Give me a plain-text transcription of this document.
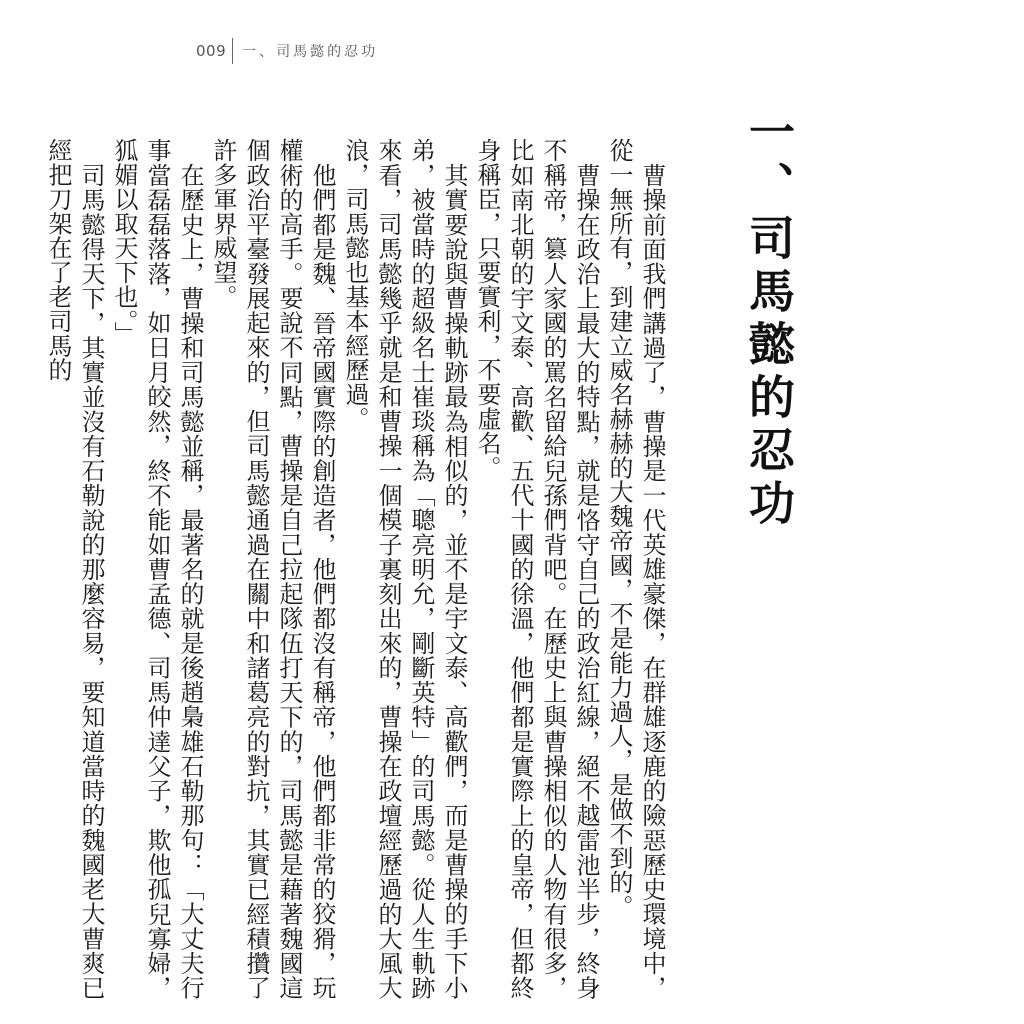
009 一、司馬懿的忍功
一、司馬懿的忍功

曹操前面我們講過了，曹操是一代英雄豪傑，在群雄逐鹿的險惡歷史環境中，從一無所有，到建立威名赫赫的大魏帝國，不是能力過人，是做不到的。

曹操在政治上最大的特點，就是恪守自己的政治紅線，絕不越雷池半步，終身不稱帝，篡人家國的罵名留給兒孫們背吧。在歷史上與曹操相似的人物有很多，比如南北朝的宇文泰、高歡、五代十國的徐溫，他們都是實際上的皇帝，但都終身稱臣，只要實利，不要虛名。

其實要說與曹操軌跡最為相似的，並不是宇文泰、高歡們，而是曹操的手下小弟，被當時的超級名士崔琰稱為「聰亮明允，剛斷英特」的司馬懿。從人生軌跡來看，司馬懿幾乎就是和曹操一個模子裏刻出來的，曹操在政壇經歷過的大風大浪，司馬懿也基本經歷過。

他們都是魏、晉帝國實際的創造者，他們都沒有稱帝，他們都非常的狡猾，玩權術的高手。要說不同點，曹操是自己拉起隊伍打天下的，司馬懿是藉著魏國這個政治平臺發展起來的，但司馬懿通過在關中和諸葛亮的對抗，其實已經積攢了許多軍界威望。

在歷史上，曹操和司馬懿並稱，最著名的就是後趙梟雄石勒那句：「大丈夫行事當磊磊落落，如日月皎然，終不能如曹孟德、司馬仲達父子，欺他孤兒寡婦，狐媚以取天下也。」

司馬懿得天下，其實並沒有石勒說的那麼容易，要知道當時的魏國老大曹爽已經把刀架在了老司馬的
